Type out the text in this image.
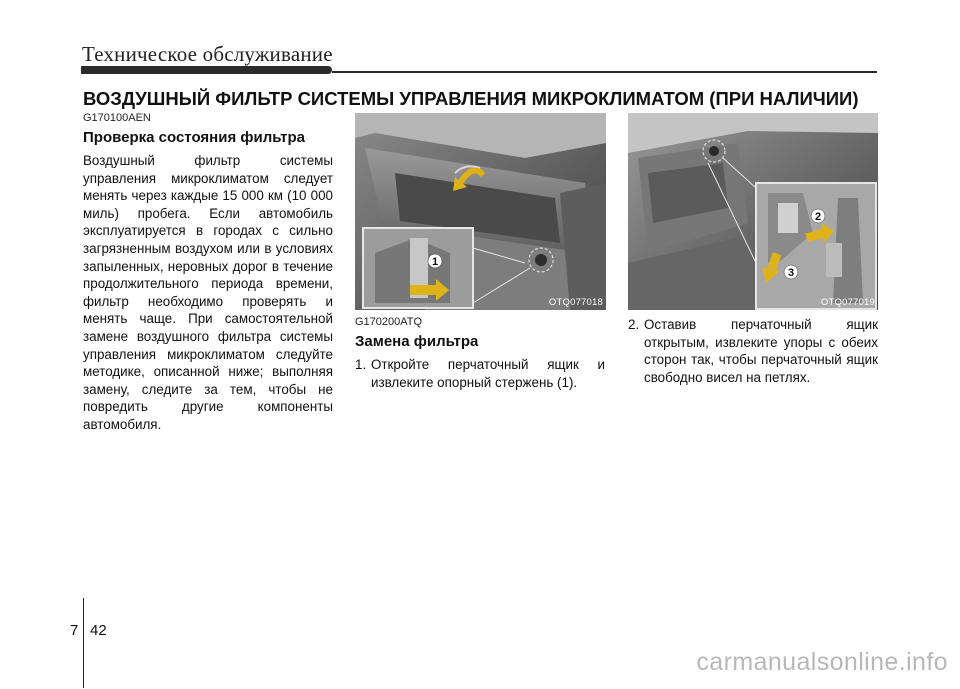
Техническое обслуживание
ВОЗДУШНЫЙ ФИЛЬТР СИСТЕМЫ УПРАВЛЕНИЯ МИКРОКЛИМАТОМ (ПРИ НАЛИЧИИ)
G170100AEN
Проверка состояния фильтра
Воздушный фильтр системы управления микроклиматом следует менять через каждые 15 000 км (10 000 миль) пробега. Если автомобиль эксплуатируется в городах с сильно загрязненным воздухом или в условиях запыленных, неровных дорог в течение продолжительного периода времени, фильтр необходимо проверять и менять чаще. При самостоятельной замене воздушного фильтра системы управления микроклиматом следуйте методике, описанной ниже; выполняя замену, следите за тем, чтобы не повредить другие компоненты автомобиля.
1
OTQ077018
G170200ATQ
Замена фильтра
1. Откройте перчаточный ящик и извлеките опорный стержень (1).
2
3
OTQ077019
2. Оставив перчаточный ящик открытым, извлеките упоры с обеих сторон так, чтобы перчаточный ящик свободно висел на петлях.
7 42
carmanualsonline.info
